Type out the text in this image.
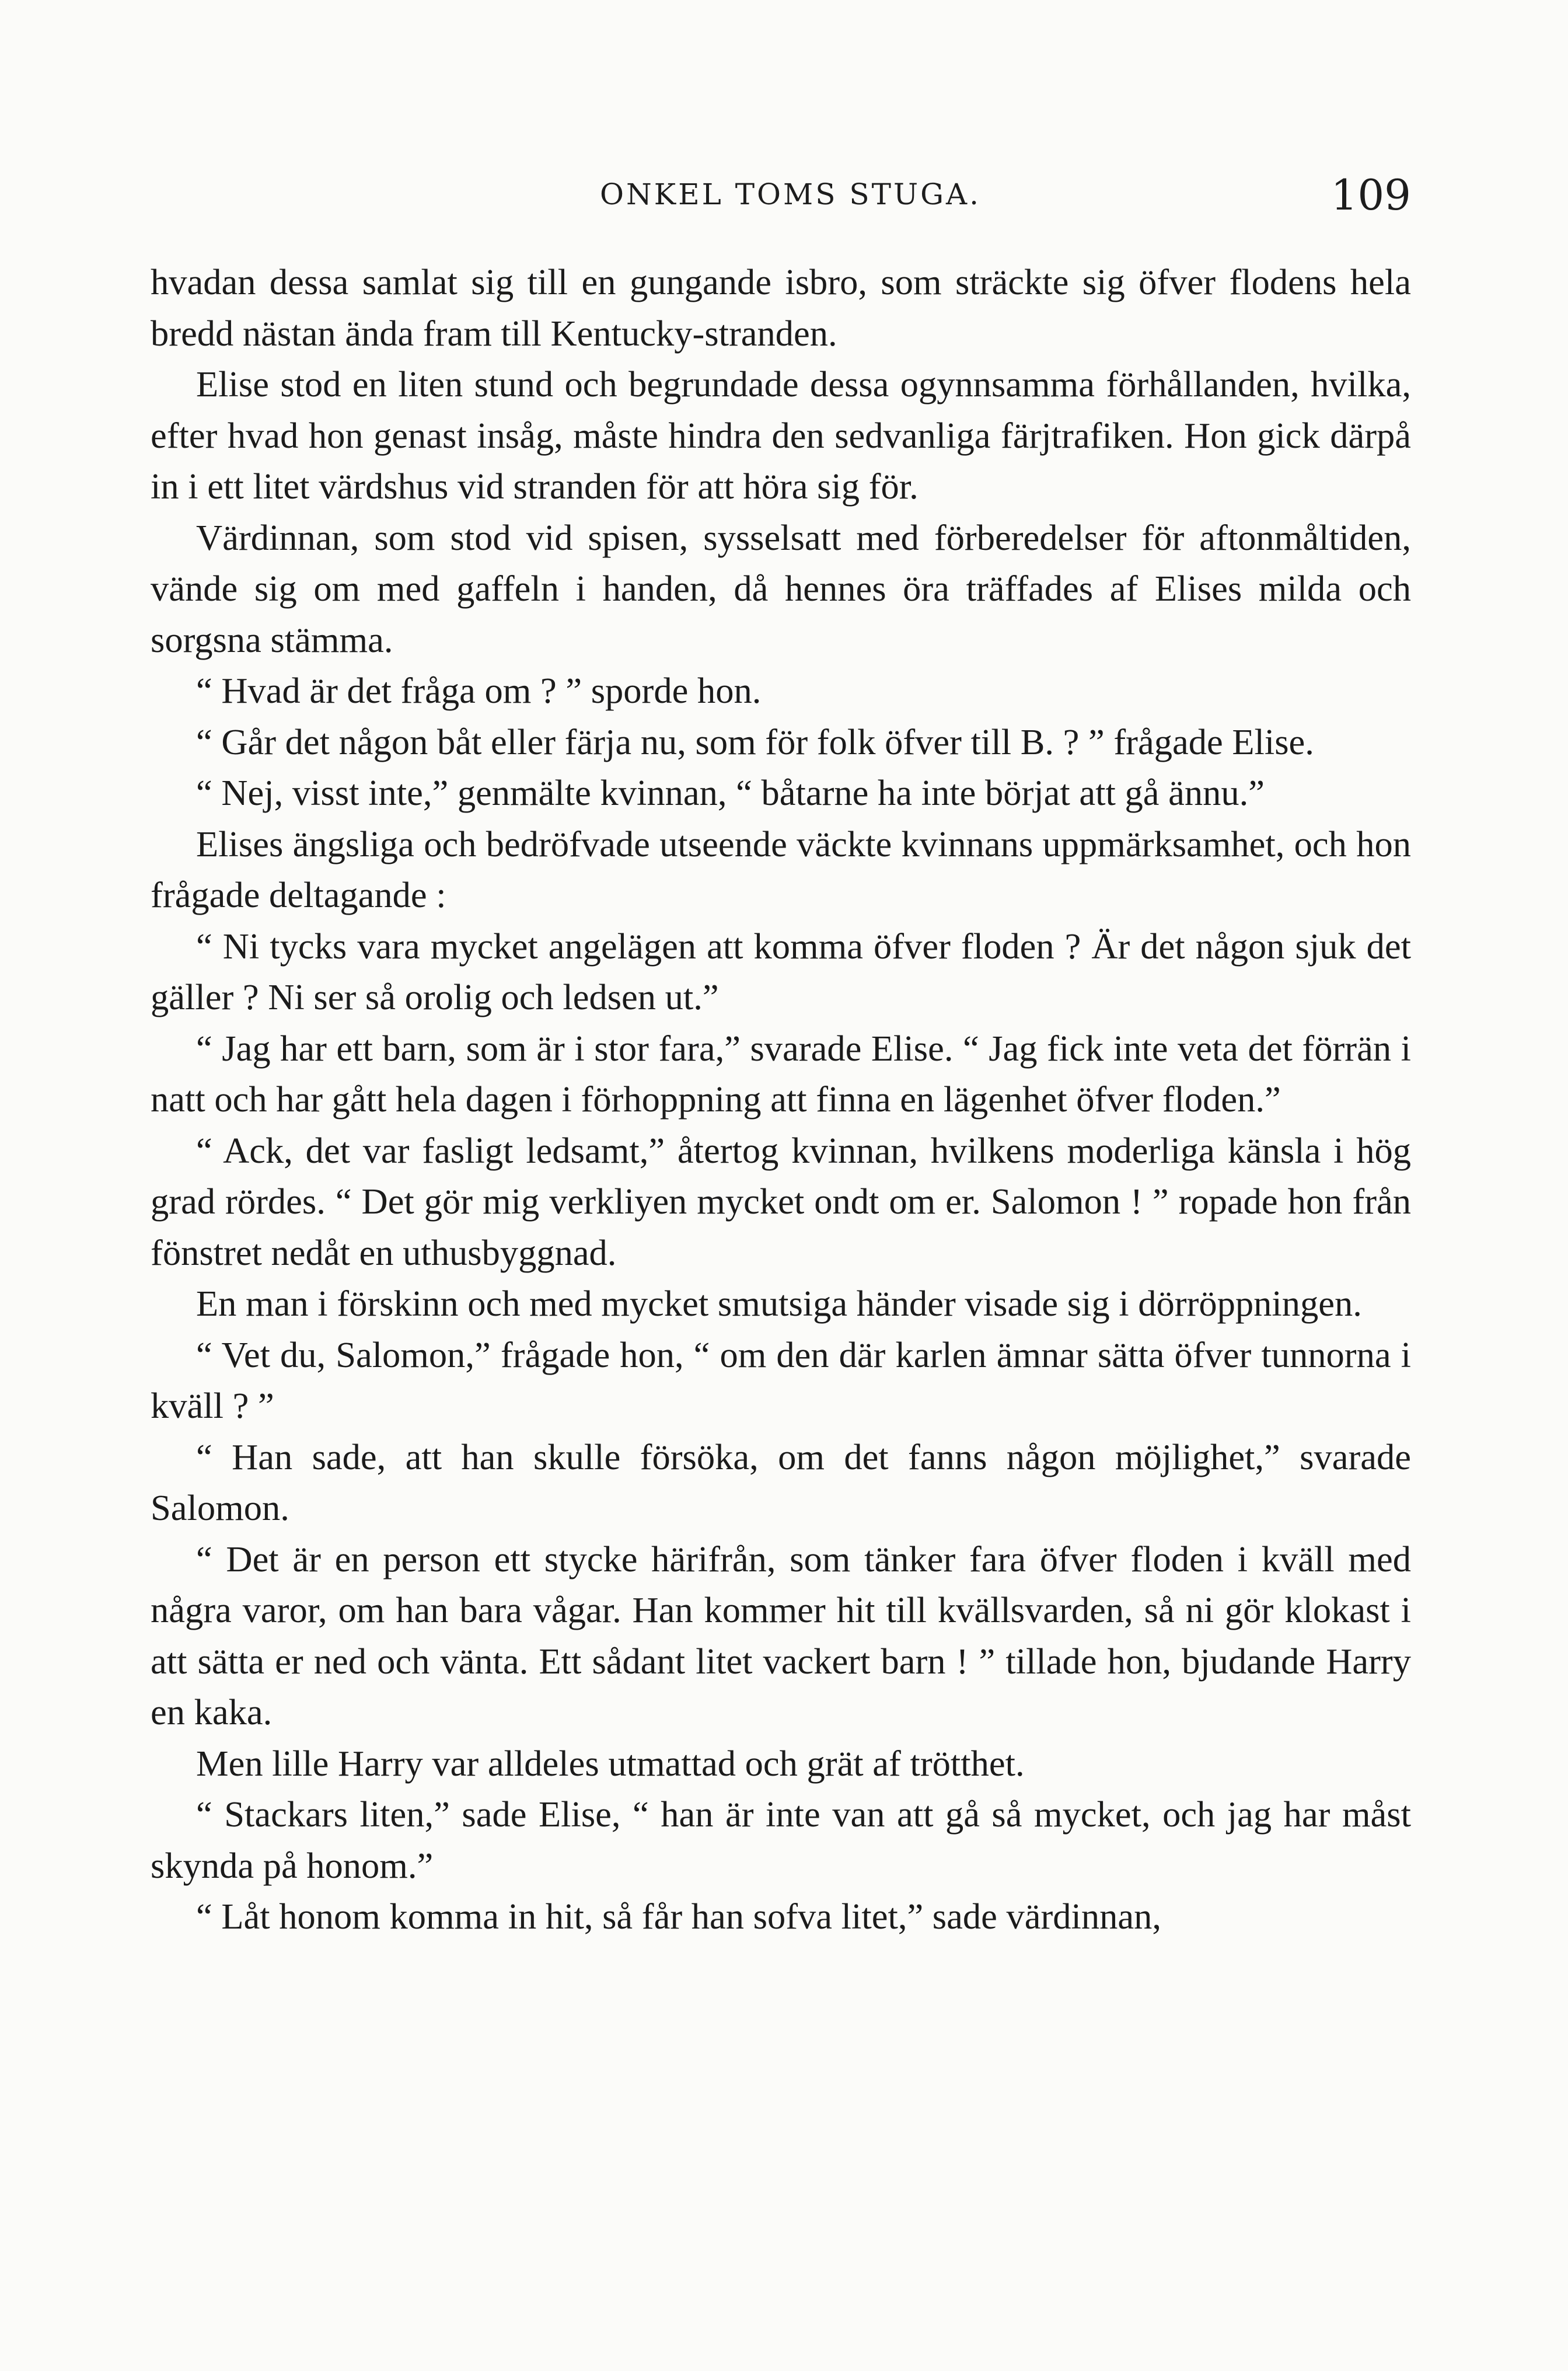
ONKEL TOMS STUGA.	109

hvadan dessa samlat sig till en gungande isbro, som sträckte sig öfver flodens hela bredd nästan ända fram till Kentucky-stranden.

Elise stod en liten stund och begrundade dessa ogynnsamma förhållanden, hvilka, efter hvad hon genast insåg, måste hindra den sedvanliga färjtrafiken. Hon gick därpå in i ett litet värdshus vid stranden för att höra sig för.

Värdinnan, som stod vid spisen, sysselsatt med förberedelser för aftonmåltiden, vände sig om med gaffeln i handen, då hennes öra träffades af Elises milda och sorgsna stämma.

“ Hvad är det fråga om ? ” sporde hon.

“ Går det någon båt eller färja nu, som för folk öfver till B. ? ” frågade Elise.

“ Nej, visst inte,” genmälte kvinnan, “ båtarne ha inte börjat att gå ännu.”

Elises ängsliga och bedröfvade utseende väckte kvinnans uppmärksamhet, och hon frågade deltagande :

“ Ni tycks vara mycket angelägen att komma öfver floden ? Är det någon sjuk det gäller ? Ni ser så orolig och ledsen ut.”

“ Jag har ett barn, som är i stor fara,” svarade Elise. “ Jag fick inte veta det förrän i natt och har gått hela dagen i förhoppning att finna en lägenhet öfver floden.”

“ Ack, det var fasligt ledsamt,” återtog kvinnan, hvilkens moderliga känsla i hög grad rördes. “ Det gör mig verkliyen mycket ondt om er. Salomon ! ” ropade hon från fönstret nedåt en uthusbyggnad.

En man i förskinn och med mycket smutsiga händer visade sig i dörröppningen.

“ Vet du, Salomon,” frågade hon, “ om den där karlen ämnar sätta öfver tunnorna i kväll ? ”

“ Han sade, att han skulle försöka, om det fanns någon möjlighet,” svarade Salomon.

“ Det är en person ett stycke härifrån, som tänker fara öfver floden i kväll med några varor, om han bara vågar. Han kommer hit till kvällsvarden, så ni gör klokast i att sätta er ned och vänta. Ett sådant litet vackert barn ! ” tillade hon, bjudande Harry en kaka.

Men lille Harry var alldeles utmattad och grät af trötthet.

“ Stackars liten,” sade Elise, “ han är inte van att gå så mycket, och jag har måst skynda på honom.”

“ Låt honom komma in hit, så får han sofva litet,” sade värdinnan,
